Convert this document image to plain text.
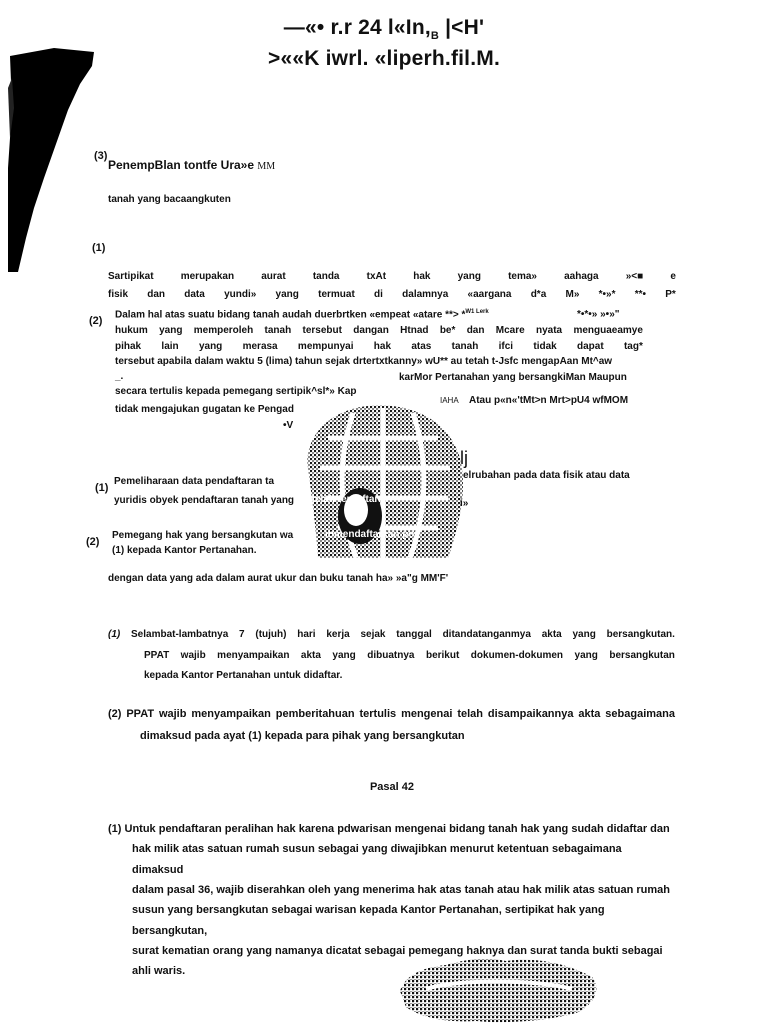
—«• r.r 24 $l«In,_B$ |<H'
>««K iwrl. «liperh.fil.M.
(3)
PenempBlan tontfe Ura»e MM
tanah yang bacaangkuten
(1)
Sartipikat	merupakan	aurat	tanda	txAt	hak	yang	tema»	aahaga	»<■	e
fisik dan data yundi» yang termuat di dalamnya «aargana d*a M» *•»* **• P*
(2)
Dalam hal atas suatu bidang tanah audah duerbrtken «empeat «atare **> *$^{W1 Lerk}$	*•*•» »•»"
hukum yang memperoleh tanah tersebut dangan Htnad be* dan Mcare nyata menguaeamye
pihak lain yang merasa mempunyai hak atas tanah ifci tidak dapat tag*
tersebut apabila dalam waktu 5 (lima) tahun sejak drtertxtkanny» wU** au tetah t-Jsfc mengapAan Mt^aw
_.	karMor Pertanahan yang bersangkiMan Maupun
secara tertulis kepada pemegang sertipik^sl*» Kap
IAHA Atau p«n«'tMt>n Mrt>pU4 wfMOM
tidak mengajukan gugatan ke Pengad
•V
lj
(1)
Pemeliharaan data pendaftaran ta
elrubahan pada data fisik atau data
yuridis obyek pendaftaran tanah yang ~ telah terdaftar	i»
(2)
Pemegang hak yang bersangkutan wa	ibmendaftarkan per
(1) kepada Kantor Pertanahan.
dengan data yang ada dalam aurat ukur dan buku tanah ha» »a"g MM'F'
(1) Selambat-lambatnya 7 (tujuh) hari kerja sejak tanggal ditandatanganmya akta yang bersangkutan.
PPAT wajib menyampaikan akta yang dibuatnya berikut dokumen-dokumen yang bersangkutan
kepada Kantor Pertanahan untuk didaftar.
(2) PPAT wajib menyampaikan pemberitahuan tertulis mengenai telah disampaikannya akta sebagaimana
dimaksud pada ayat (1) kepada para pihak yang bersangkutan
Pasal 42
(1) Untuk pendaftaran peralihan hak karena pdwarisan mengenai bidang tanah hak yang sudah didaftar dan
hak milik atas satuan rumah susun sebagai yang diwajibkan menurut ketentuan sebagaimana
dimaksud
dalam pasal 36, wajib diserahkan oleh yang menerima hak atas tanah atau hak milik atas satuan rumah
susun yang bersangkutan sebagai warisan kepada Kantor Pertanahan, sertipikat hak yang
bersangkutan,
surat kematian orang yang namanya dicatat sebagai pemegang haknya dan surat tanda bukti sebagai
ahli waris.
